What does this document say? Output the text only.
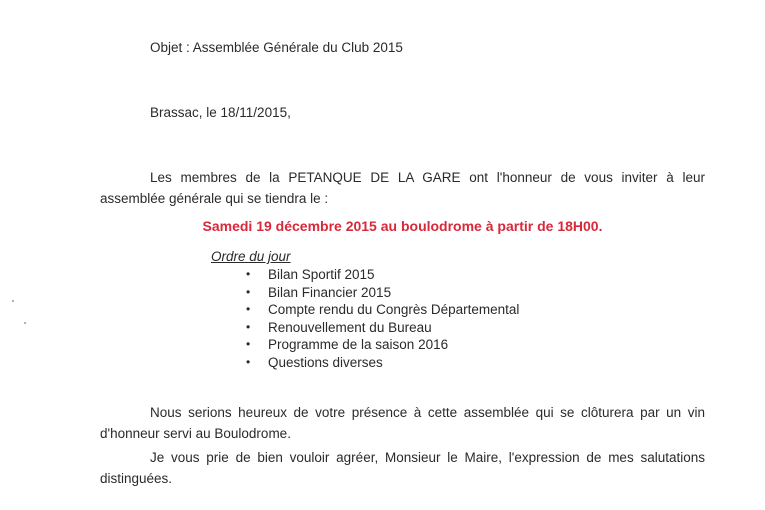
Objet : Assemblée Générale du Club 2015
Brassac, le 18/11/2015,
Les membres de la PETANQUE DE LA GARE ont l'honneur de vous inviter à leur
assemblée générale qui se tiendra le :
Samedi 19 décembre 2015 au boulodrome à partir de 18H00.
Ordre du jour
• Bilan Sportif 2015
• Bilan Financier 2015
• Compte rendu du Congrès Départemental
• Renouvellement du Bureau
• Programme de la saison 2016
• Questions diverses
Nous serions heureux de votre présence à cette assemblée qui se clôturera par un vin
d'honneur servi au Boulodrome.
Je vous prie de bien vouloir agréer, Monsieur le Maire, l'expression de mes salutations
distinguées.
